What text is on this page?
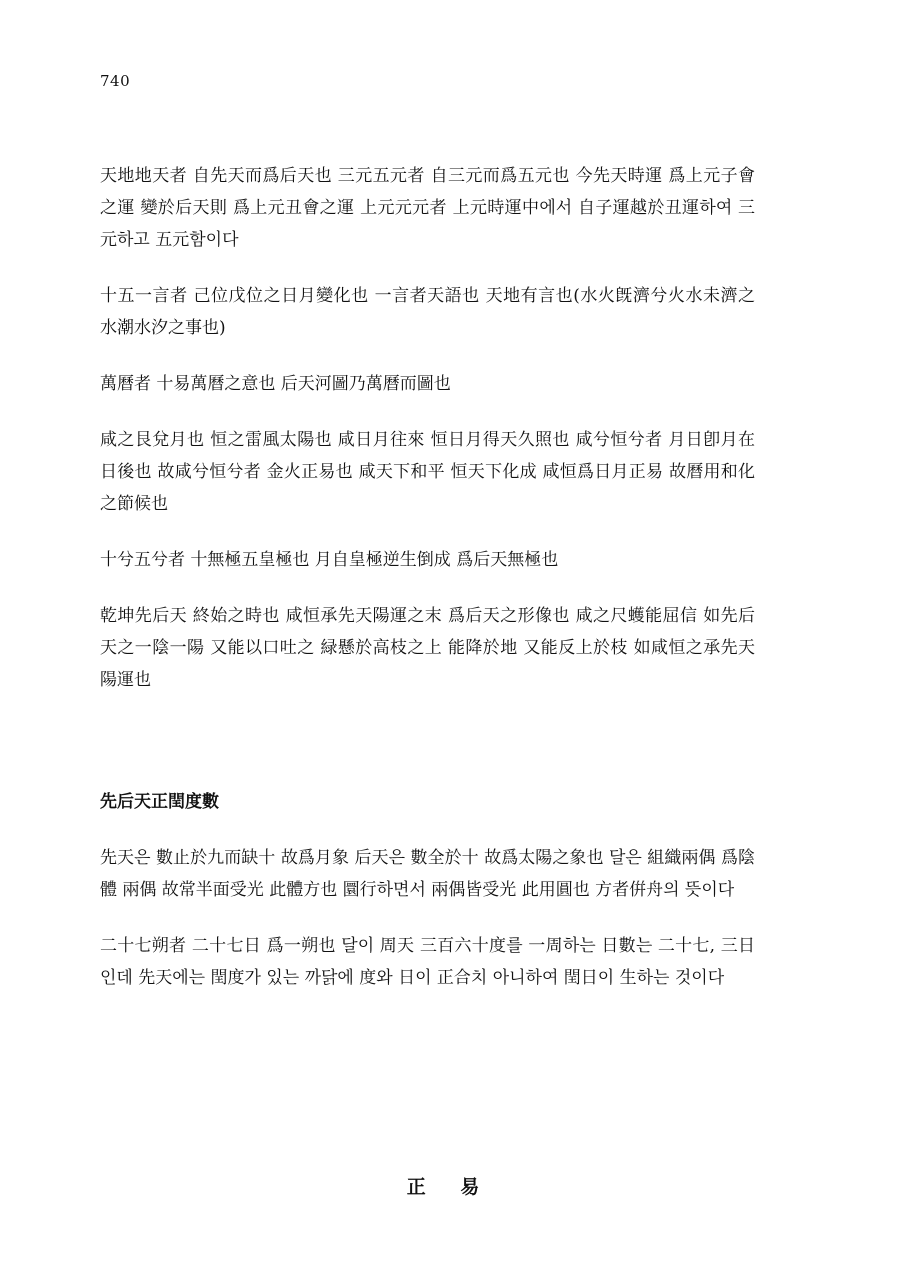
740

天地地天者 自先天而爲后天也 三元五元者 自三元而爲五元也 今先天時運 爲上元子會之運 變於后天則 爲上元丑會之運 上元元元者 上元時運中에서 自子運越於丑運하여 三元하고 五元함이다

十五一言者 己位戊位之日月變化也 一言者天語也 天地有言也(水火旣濟兮火水未濟之 水潮水汐之事也)

萬曆者 十易萬曆之意也 后天河圖乃萬曆而圖也

咸之艮兌月也 恒之雷風太陽也 咸日月往來 恒日月得天久照也 咸兮恒兮者 月日卽月在日後也 故咸兮恒兮者 金火正易也 咸天下和平 恒天下化成 咸恒爲日月正易 故曆用和化之節候也

十兮五兮者 十無極五皇極也 月自皇極逆生倒成 爲后天無極也

乾坤先后天 終始之時也 咸恒承先天陽運之末 爲后天之形像也 咸之尺蠖能屈信 如先后天之一陰一陽 又能以口吐之 緑懸於高枝之上 能降於地 又能反上於枝 如咸恒之承先天陽運也

先后天正閏度數

先天은 數止於九而缺十 故爲月象 后天은 數全於十 故爲太陽之象也 달은 組織兩偶 爲陰體 兩偶 故常半面受光 此體方也 圜行하면서 兩偶皆受光 此用圓也 方者倂舟의 뜻이다

二十七朔者 二十七日 爲一朔也 달이 周天 三百六十度를 一周하는 日數는 二十七, 三日인데 先天에는 閏度가 있는 까닭에 度와 日이 正合치 아니하여 閏日이 生하는 것이다

正 易
